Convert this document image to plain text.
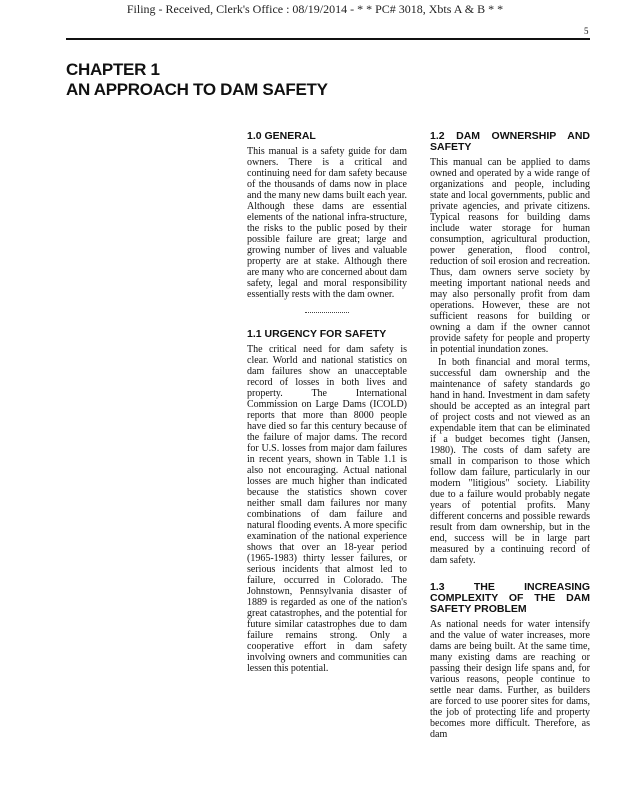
Filing - Received, Clerk's Office : 08/19/2014 - * * PC# 3018, Xbts A & B * *
5
CHAPTER 1
AN APPROACH TO DAM SAFETY
1.0 GENERAL

This manual is a safety guide for dam owners. There is a critical and continuing need for dam safety because of the thousands of dams now in place and the many new dams built each year. Although these dams are essential elements of the national infra-structure, the risks to the public posed by their possible failure are great; large and growing number of lives and valuable property are at stake. Although there are many who are concerned about dam safety, legal and moral responsibility essentially rests with the dam owner.

1.1 URGENCY FOR SAFETY

The critical need for dam safety is clear. World and national statistics on dam failures show an unacceptable record of losses in both lives and property. The International Commission on Large Dams (ICOLD) reports that more than 8000 people have died so far this century because of the failure of major dams. The record for U.S. losses from major dam failures in recent years, shown in Table 1.1 is also not encouraging. Actual national losses are much higher than indicated because the statistics shown cover neither small dam failures nor many combinations of dam failure and natural flooding events. A more specific examination of the national experience shows that over an 18-year period (1965-1983) thirty lesser failures, or serious incidents that almost led to failure, occurred in Colorado. The Johnstown, Pennsylvania disaster of 1889 is regarded as one of the nation's great catastrophes, and the potential for future similar catastrophes due to dam failure remains strong. Only a cooperative effort in dam safety involving owners and communities can lessen this potential.

1.2 DAM OWNERSHIP AND SAFETY

This manual can be applied to dams owned and operated by a wide range of organizations and people, including state and local governments, public and private agencies, and private citizens. Typical reasons for building dams include water storage for human consumption, agricultural production, power generation, flood control, reduction of soil erosion and recreation. Thus, dam owners serve society by meeting important national needs and may also personally profit from dam operations. However, these are not sufficient reasons for building or owning a dam if the owner cannot provide safety for people and property in potential inundation zones.

In both financial and moral terms, successful dam ownership and the maintenance of safety standards go hand in hand. Investment in dam safety should be accepted as an integral part of project costs and not viewed as an expendable item that can be eliminated if a budget becomes tight (Jansen, 1980). The costs of dam safety are small in comparison to those which follow dam failure, particularly in our modern "litigious" society. Liability due to a failure would probably negate years of potential profits. Many different concerns and possible rewards result from dam ownership, but in the end, success will be in large part measured by a continuing record of dam safety.

1.3 THE INCREASING COMPLEXITY OF THE DAM SAFETY PROBLEM

As national needs for water intensify and the value of water increases, more dams are being built. At the same time, many existing dams are reaching or passing their design life spans and, for various reasons, people continue to settle near dams. Further, as builders are forced to use poorer sites for dams, the job of protecting life and property becomes more difficult. Therefore, as dam
